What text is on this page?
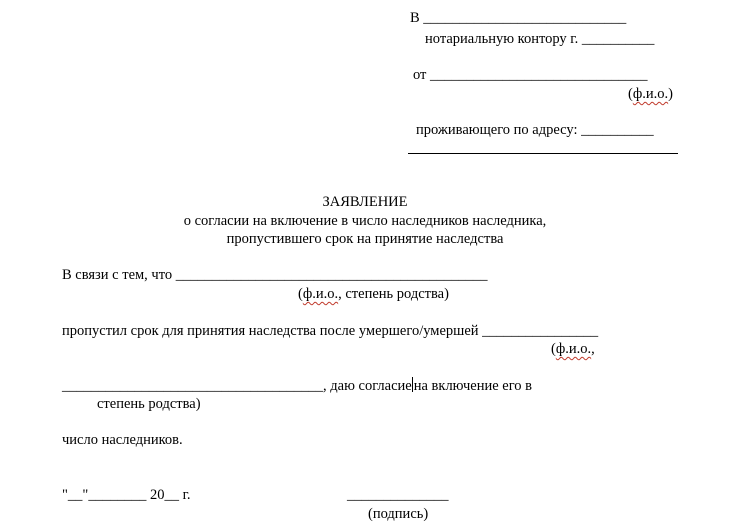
В ____________________________
нотариальную контору г. __________
от ______________________________
(ф.и.о.)
проживающего по адресу: __________
ЗАЯВЛЕНИЕ
о согласии на включение в число наследников наследника,
пропустившего срок на принятие наследства
В связи с тем, что ___________________________________________
(ф.и.о., степень родства)
пропустил срок для принятия наследства после умершего/умершей ________________
(ф.и.о.,
____________________________________, даю согласие на включение его в
степень родства)
число наследников.
"__"________ 20__ г.	______________
(подпись)
